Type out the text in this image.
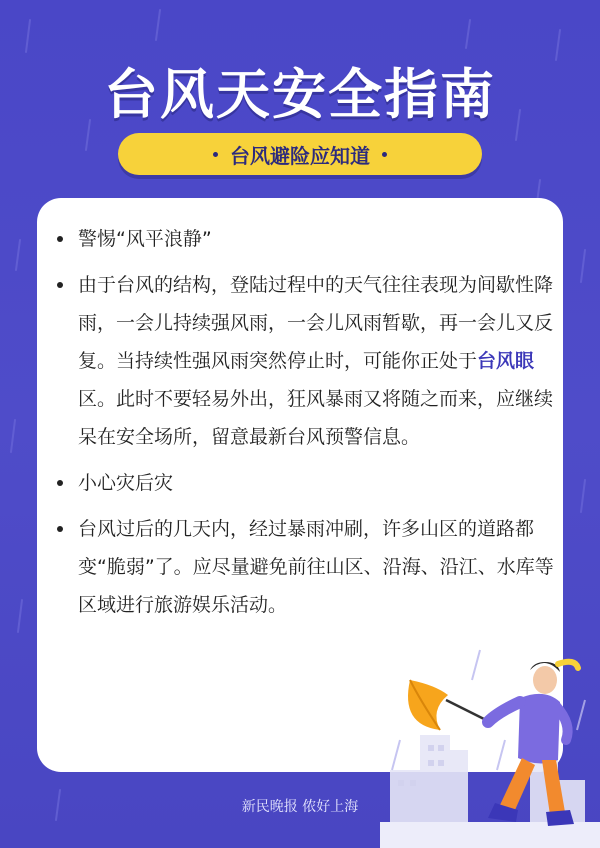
台风天安全指南
台风避险应知道
警惕“风平浪静”
由于台风的结构，登陆过程中的天气往往表现为间歇性降雨，一会儿持续强风雨，一会儿风雨暂歇，再一会儿又反复。当持续性强风雨突然停止时，可能你正处于台风眼区。此时不要轻易外出，狂风暴雨又将随之而来，应继续呆在安全场所，留意最新台风预警信息。
小心灾后灾
台风过后的几天内，经过暴雨冲刷，许多山区的道路都变“脆弱”了。应尽量避免前往山区、沿海、沿江、水库等区域进行旅游娱乐活动。
新民晚报 侬好上海
